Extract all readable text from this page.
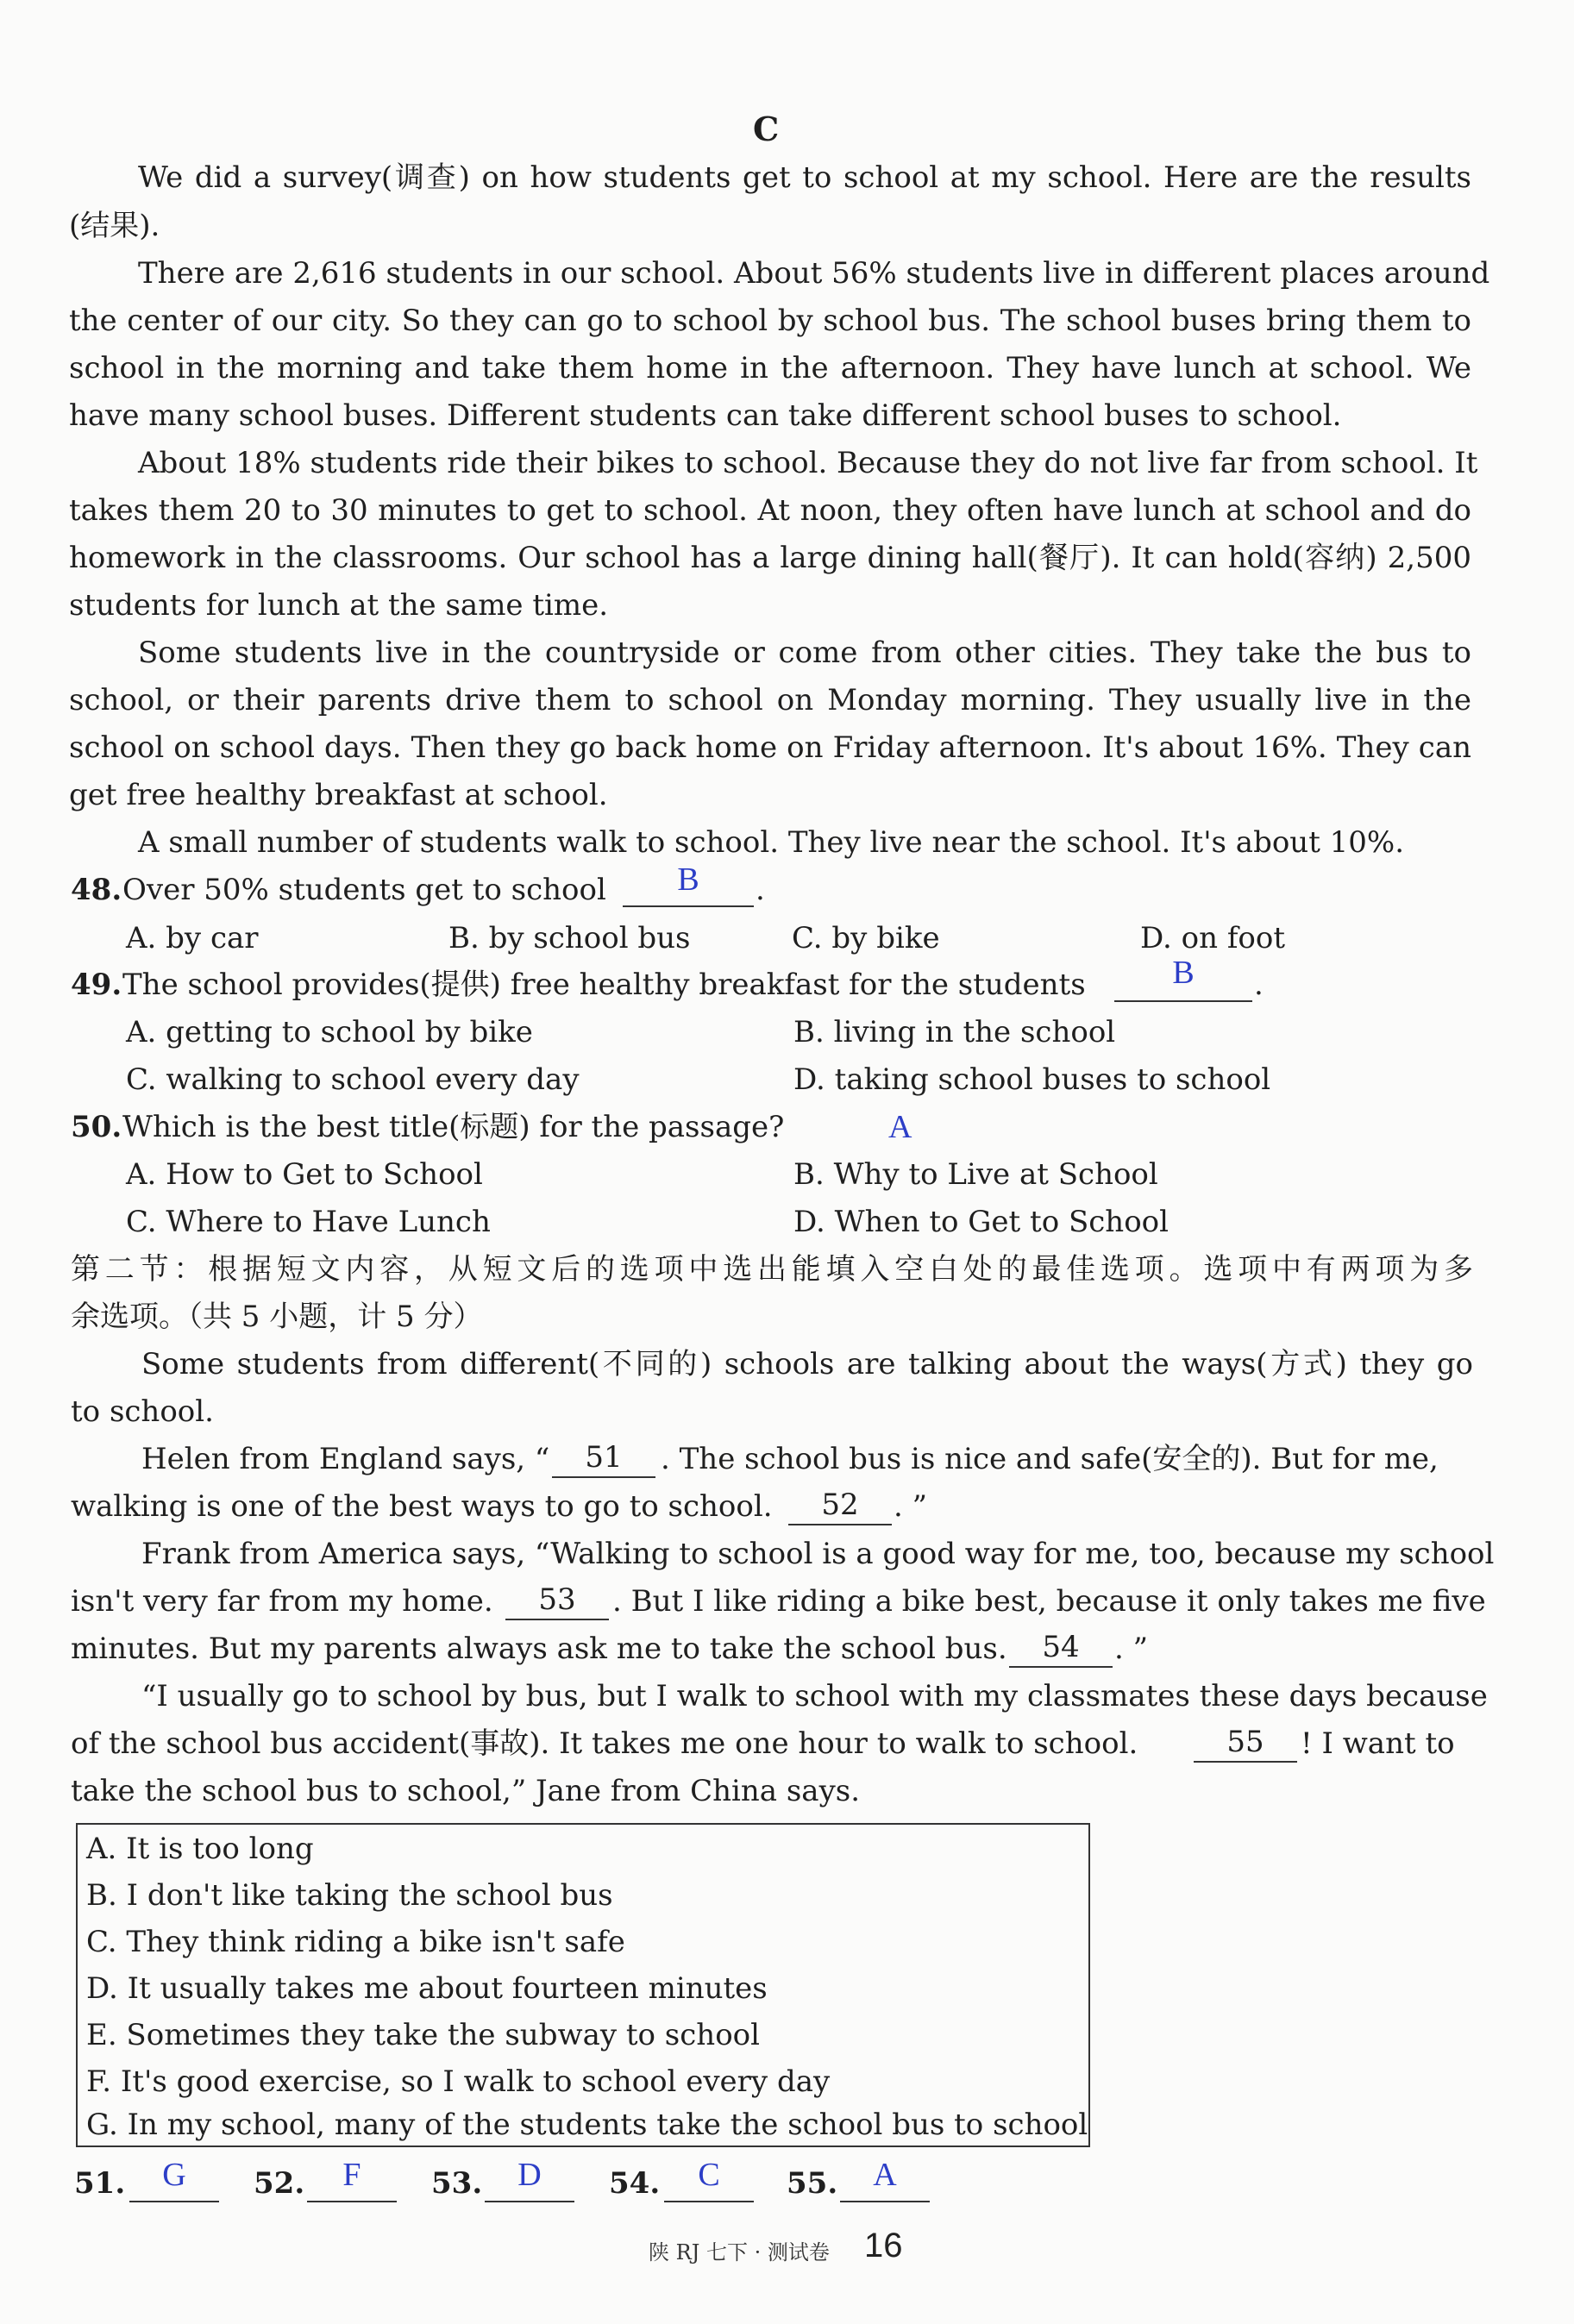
C
We did a survey(调查) on how students get to school at my school. Here are the results
(结果).
There are 2,616 students in our school. About 56% students live in different places around
the center of our city. So they can go to school by school bus. The school buses bring them to
school in the morning and take them home in the afternoon. They have lunch at school. We
have many school buses. Different students can take different school buses to school.
About 18% students ride their bikes to school. Because they do not live far from school. It
takes them 20 to 30 minutes to get to school. At noon, they often have lunch at school and do
homework in the classrooms. Our school has a large dining hall(餐厅). It can hold(容纳) 2,500
students for lunch at the same time.
Some students live in the countryside or come from other cities. They take the bus to
school, or their parents drive them to school on Monday morning. They usually live in the
school on school days. Then they go back home on Friday afternoon. It's about 16%. They can
get free healthy breakfast at school.
A small number of students walk to school. They live near the school. It's about 10%.
48. Over 50% students get to school	B	.
A. by car	B. by school bus	C. by bike	D. on foot
49. The school provides(提供) free healthy breakfast for the students	B	.
A. getting to school by bike	B. living in the school
C. walking to school every day	D. taking school buses to school
50. Which is the best title(标题) for the passage?	A
A. How to Get to School	B. Why to Live at School
C. Where to Have Lunch	D. When to Get to School
第二节：根据短文内容，从短文后的选项中选出能填入空白处的最佳选项。选项中有两项为多
余选项。（共 5 小题，计 5 分）
Some students from different(不同的) schools are talking about the ways(方式) they go
to school.
Helen from England says, “	51	. The school bus is nice and safe(安全的). But for me,
walking is one of the best ways to go to school.	52	. ”
Frank from America says, “Walking to school is a good way for me, too, because my school
isn't very far from my home.	53	. But I like riding a bike best, because it only takes me five
minutes. But my parents always ask me to take the school bus.	54	. ”
“I usually go to school by bus, but I walk to school with my classmates these days because
of the school bus accident(事故). It takes me one hour to walk to school.	55	! I want to
take the school bus to school,” Jane from China says.
A. It is too long
B. I don't like taking the school bus
C. They think riding a bike isn't safe
D. It usually takes me about fourteen minutes
E. Sometimes they take the subway to school
F. It's good exercise, so I walk to school every day
G. In my school, many of the students take the school bus to school
51.	G	52.	F	53.	D	54.	C	55.	A
陕 RJ 七下 · 测试卷 16
